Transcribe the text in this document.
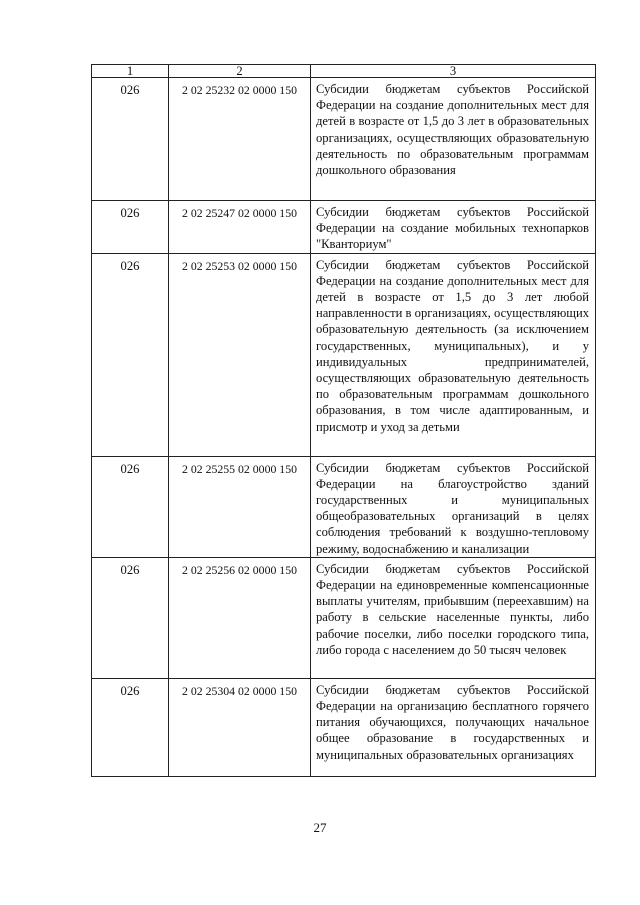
1	2	3
026	2 02 25232 02 0000 150	Субсидии бюджетам субъектов Российской Федерации на создание дополнительных мест для детей в возрасте от 1,5 до 3 лет в образовательных организациях, осуществляющих образовательную деятельность по образовательным программам дошкольного образования
026	2 02 25247 02 0000 150	Субсидии бюджетам субъектов Российской Федерации на создание мобильных технопарков "Кванториум"
026	2 02 25253 02 0000 150	Субсидии бюджетам субъектов Российской Федерации на создание дополнительных мест для детей в возрасте от 1,5 до 3 лет любой направленности в организациях, осуществляющих образовательную деятельность (за исключением государственных, муниципальных), и у индивидуальных предпринимателей, осуществляющих образовательную деятельность по образовательным программам дошкольного образования, в том числе адаптированным, и присмотр и уход за детьми
026	2 02 25255 02 0000 150	Субсидии бюджетам субъектов Российской Федерации на благоустройство зданий государственных и муниципальных общеобразовательных организаций в целях соблюдения требований к воздушно-тепловому режиму, водоснабжению и канализации
026	2 02 25256 02 0000 150	Субсидии бюджетам субъектов Российской Федерации на единовременные компенсационные выплаты учителям, прибывшим (переехавшим) на работу в сельские населенные пункты, либо рабочие поселки, либо поселки городского типа, либо города с населением до 50 тысяч человек
026	2 02 25304 02 0000 150	Субсидии бюджетам субъектов Российской Федерации на организацию бесплатного горячего питания обучающихся, получающих начальное общее образование в государственных и муниципальных образовательных организациях
27
